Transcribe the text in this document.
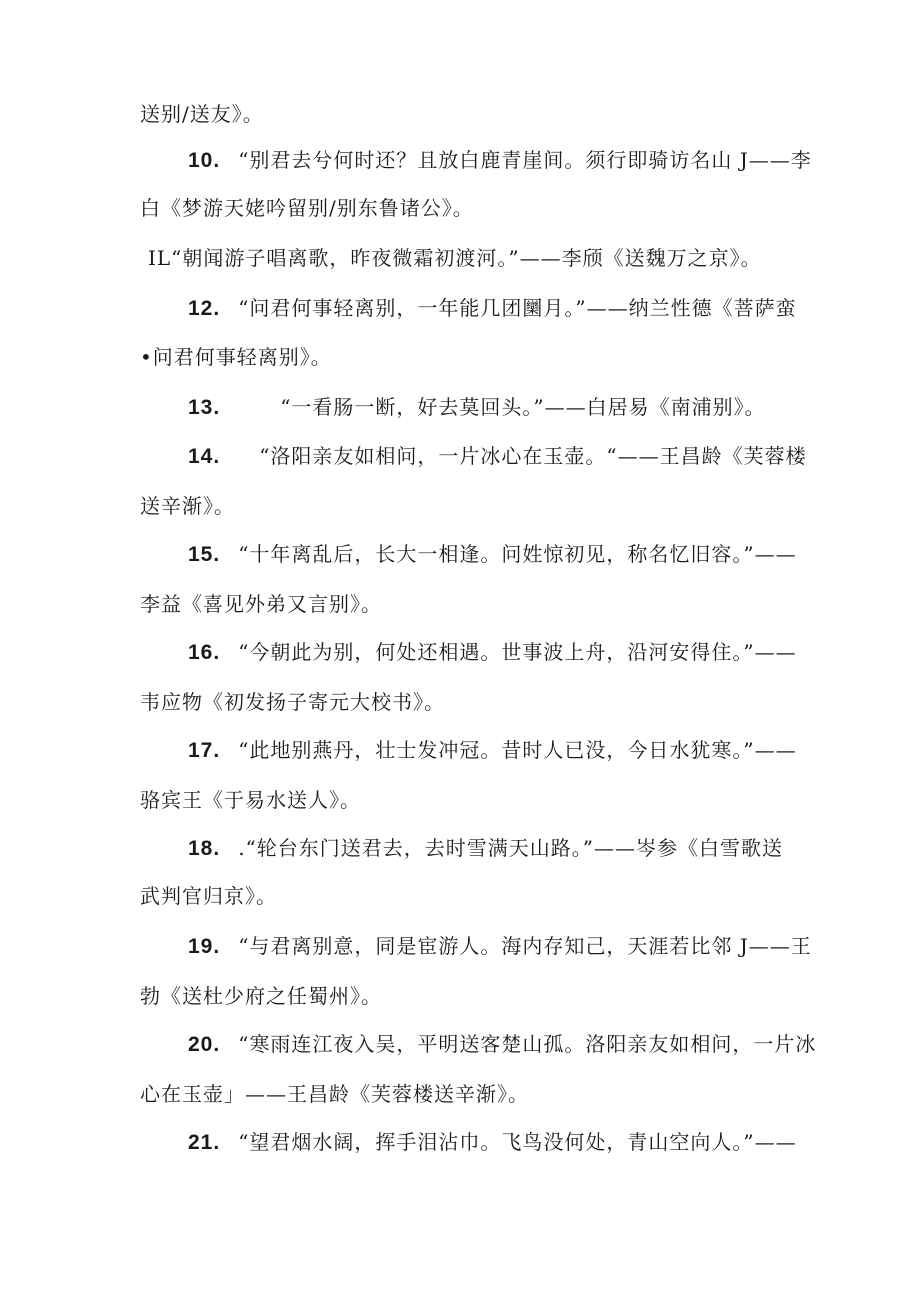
送别/送友》。
10. “别君去兮何时还？且放白鹿青崖间。须行即骑访名山 J——李
白《梦游天姥吟留别/别东鲁诸公》。
IL“朝闻游子唱离歌，昨夜微霜初渡河。”——李颀《送魏万之京》。
12. “问君何事轻离别，一年能几团圞月。”——纳兰性德《菩萨蛮
•问君何事轻离别》。
13.　　“一看肠一断，好去莫回头。”——白居易《南浦别》。
14.　“洛阳亲友如相问，一片冰心在玉壶。“——王昌龄《芙蓉楼
送辛渐》。
15. “十年离乱后，长大一相逢。问姓惊初见，称名忆旧容。”——
李益《喜见外弟又言别》。
16. “今朝此为别，何处还相遇。世事波上舟，沿河安得住。”——
韦应物《初发扬子寄元大校书》。
17. “此地别燕丹，壮士发冲冠。昔时人已没，今日水犹寒。”——
骆宾王《于易水送人》。
18. .“轮台东门送君去，去时雪满天山路。”——岑参《白雪歌送
武判官归京》。
19. “与君离别意，同是宦游人。海内存知己，天涯若比邻 J——王
勃《送杜少府之任蜀州》。
20. “寒雨连江夜入吴，平明送客楚山孤。洛阳亲友如相问，一片冰
心在玉壶」——王昌龄《芙蓉楼送辛渐》。
21. “望君烟水阔，挥手泪沾巾。飞鸟没何处，青山空向人。”——
